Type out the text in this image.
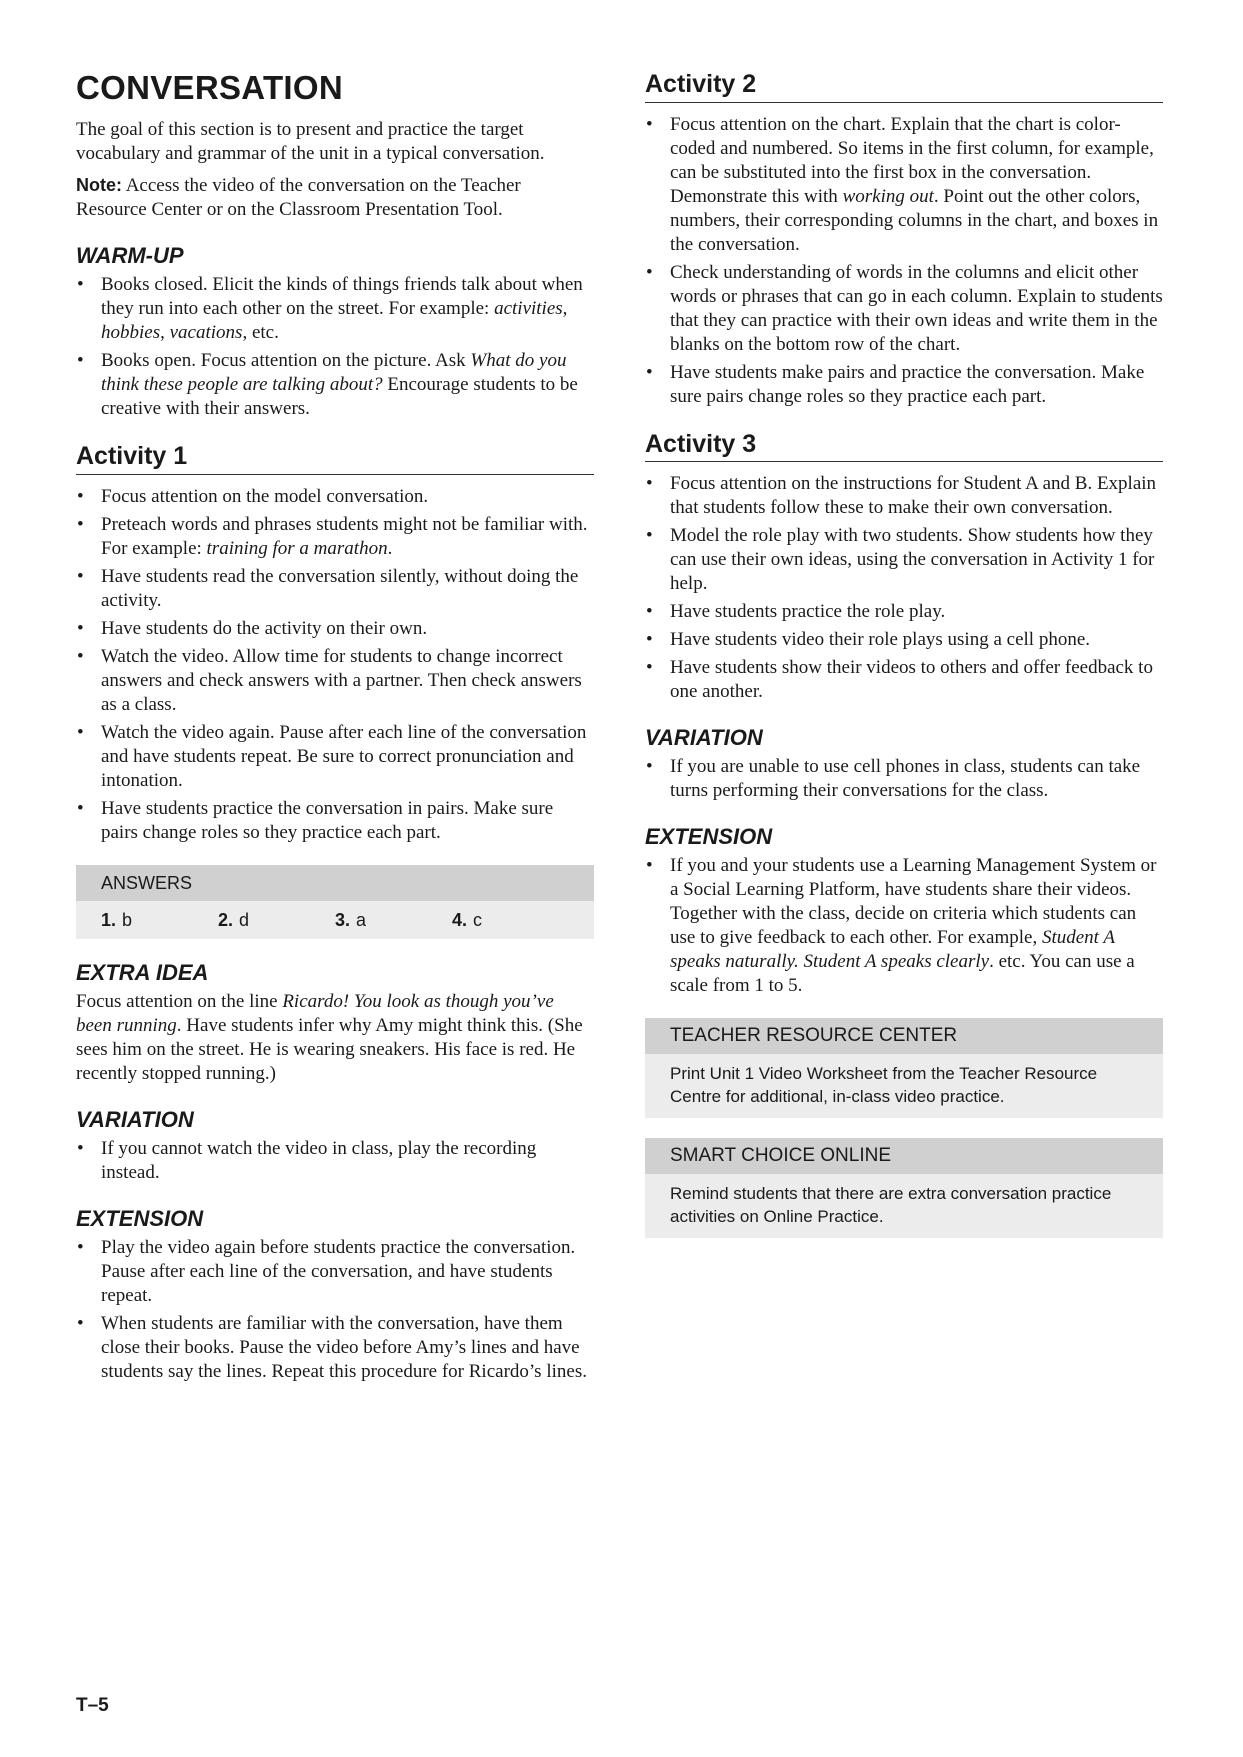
CONVERSATION

The goal of this section is to present and practice the target vocabulary and grammar of the unit in a typical conversation.

Note: Access the video of the conversation on the Teacher Resource Center or on the Classroom Presentation Tool.

WARM-UP
• Books closed. Elicit the kinds of things friends talk about when they run into each other on the street. For example: activities, hobbies, vacations, etc.
• Books open. Focus attention on the picture. Ask What do you think these people are talking about? Encourage students to be creative with their answers.
Activity 1
• Focus attention on the model conversation.
• Preteach words and phrases students might not be familiar with. For example: training for a marathon.
• Have students read the conversation silently, without doing the activity.
• Have students do the activity on their own.
• Watch the video. Allow time for students to change incorrect answers and check answers with a partner. Then check answers as a class.
• Watch the video again. Pause after each line of the conversation and have students repeat. Be sure to correct pronunciation and intonation.
• Have students practice the conversation in pairs. Make sure pairs change roles so they practice each part.
ANSWERS
1. b	2. d	3. a	4. c
EXTRA IDEA

Focus attention on the line Ricardo! You look as though you’ve been running. Have students infer why Amy might think this. (She sees him on the street. He is wearing sneakers. His face is red. He recently stopped running.)

VARIATION
• If you cannot watch the video in class, play the recording instead.
EXTENSION
• Play the video again before students practice the conversation. Pause after each line of the conversation, and have students repeat.
• When students are familiar with the conversation, have them close their books. Pause the video before Amy’s lines and have students say the lines. Repeat this procedure for Ricardo’s lines.
Activity 2
• Focus attention on the chart. Explain that the chart is color-coded and numbered. So items in the first column, for example, can be substituted into the first box in the conversation. Demonstrate this with working out. Point out the other colors, numbers, their corresponding columns in the chart, and boxes in the conversation.
• Check understanding of words in the columns and elicit other words or phrases that can go in each column. Explain to students that they can practice with their own ideas and write them in the blanks on the bottom row of the chart.
• Have students make pairs and practice the conversation. Make sure pairs change roles so they practice each part.
Activity 3
• Focus attention on the instructions for Student A and B. Explain that students follow these to make their own conversation.
• Model the role play with two students. Show students how they can use their own ideas, using the conversation in Activity 1 for help.
• Have students practice the role play.
• Have students video their role plays using a cell phone.
• Have students show their videos to others and offer feedback to one another.
VARIATION
• If you are unable to use cell phones in class, students can take turns performing their conversations for the class.
EXTENSION
• If you and your students use a Learning Management System or a Social Learning Platform, have students share their videos. Together with the class, decide on criteria which students can use to give feedback to each other. For example, Student A speaks naturally. Student A speaks clearly. etc. You can use a scale from 1 to 5.
TEACHER RESOURCE CENTER
Print Unit 1 Video Worksheet from the Teacher Resource Centre for additional, in-class video practice.
SMART CHOICE ONLINE
Remind students that there are extra conversation practice activities on Online Practice.
T–5
